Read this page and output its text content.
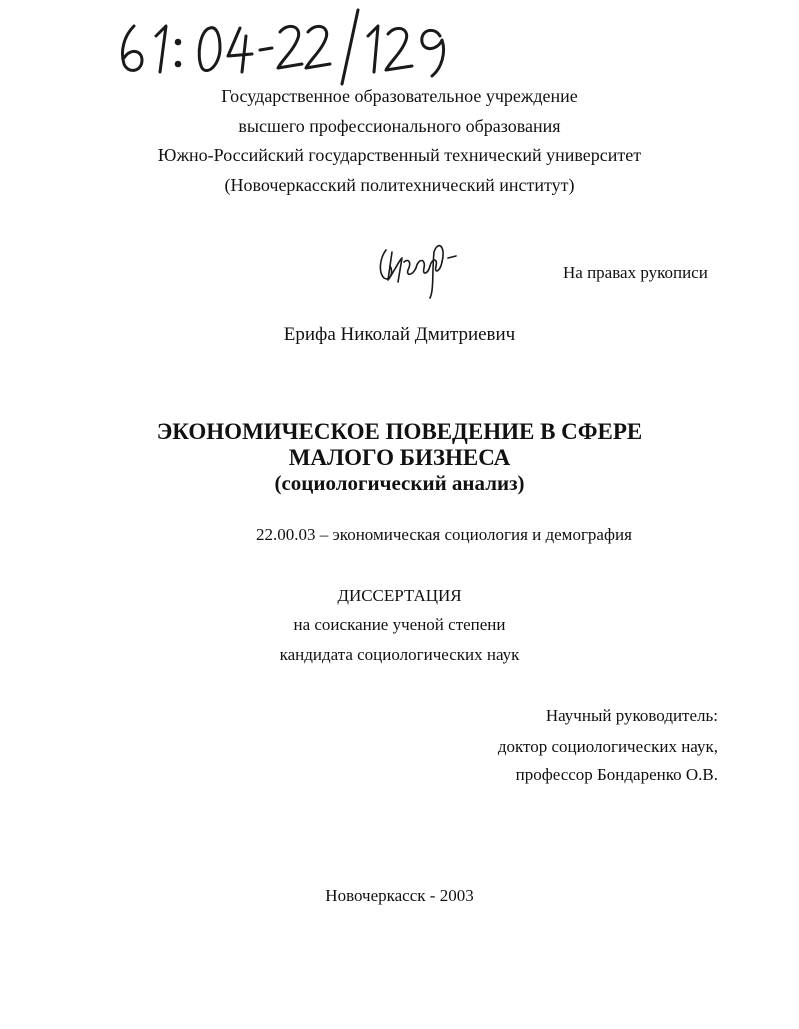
Государственное образовательное учреждение
высшего профессионального образования
Южно-Российский государственный технический университет
(Новочеркасский политехнический институт)
На правах рукописи
Ерифа Николай Дмитриевич
ЭКОНОМИЧЕСКОЕ ПОВЕДЕНИЕ В СФЕРЕ
МАЛОГО БИЗНЕСА
(социологический анализ)
22.00.03 – экономическая социология и демография
ДИССЕРТАЦИЯ
на соискание ученой степени
кандидата социологических наук
Научный руководитель:
доктор социологических наук,
профессор Бондаренко О.В.
Новочеркасск - 2003
